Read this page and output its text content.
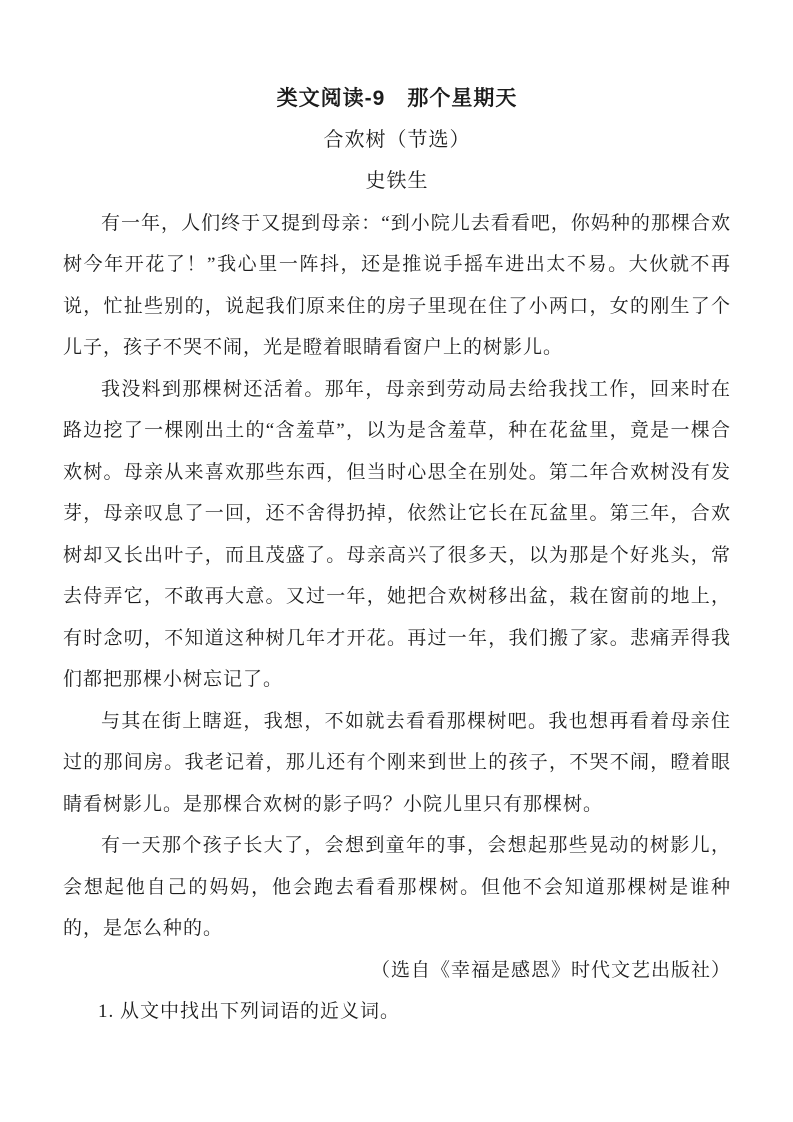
类文阅读-9　那个星期天
合欢树（节选）
史铁生

有一年，人们终于又提到母亲：“到小院儿去看看吧，你妈种的那棵合欢树今年开花了！”我心里一阵抖，还是推说手摇车进出太不易。大伙就不再说，忙扯些别的，说起我们原来住的房子里现在住了小两口，女的刚生了个儿子，孩子不哭不闹，光是瞪着眼睛看窗户上的树影儿。

我没料到那棵树还活着。那年，母亲到劳动局去给我找工作，回来时在路边挖了一棵刚出土的“含羞草”，以为是含羞草，种在花盆里，竟是一棵合欢树。母亲从来喜欢那些东西，但当时心思全在别处。第二年合欢树没有发芽，母亲叹息了一回，还不舍得扔掉，依然让它长在瓦盆里。第三年，合欢树却又长出叶子，而且茂盛了。母亲高兴了很多天，以为那是个好兆头，常去侍弄它，不敢再大意。又过一年，她把合欢树移出盆，栽在窗前的地上，有时念叨，不知道这种树几年才开花。再过一年，我们搬了家。悲痛弄得我们都把那棵小树忘记了。

与其在街上瞎逛，我想，不如就去看看那棵树吧。我也想再看着母亲住过的那间房。我老记着，那儿还有个刚来到世上的孩子，不哭不闹，瞪着眼睛看树影儿。是那棵合欢树的影子吗？小院儿里只有那棵树。

有一天那个孩子长大了，会想到童年的事，会想起那些晃动的树影儿，会想起他自己的妈妈，他会跑去看看那棵树。但他不会知道那棵树是谁种的，是怎么种的。

（选自《幸福是感恩》时代文艺出版社）
1. 从文中找出下列词语的近义词。
